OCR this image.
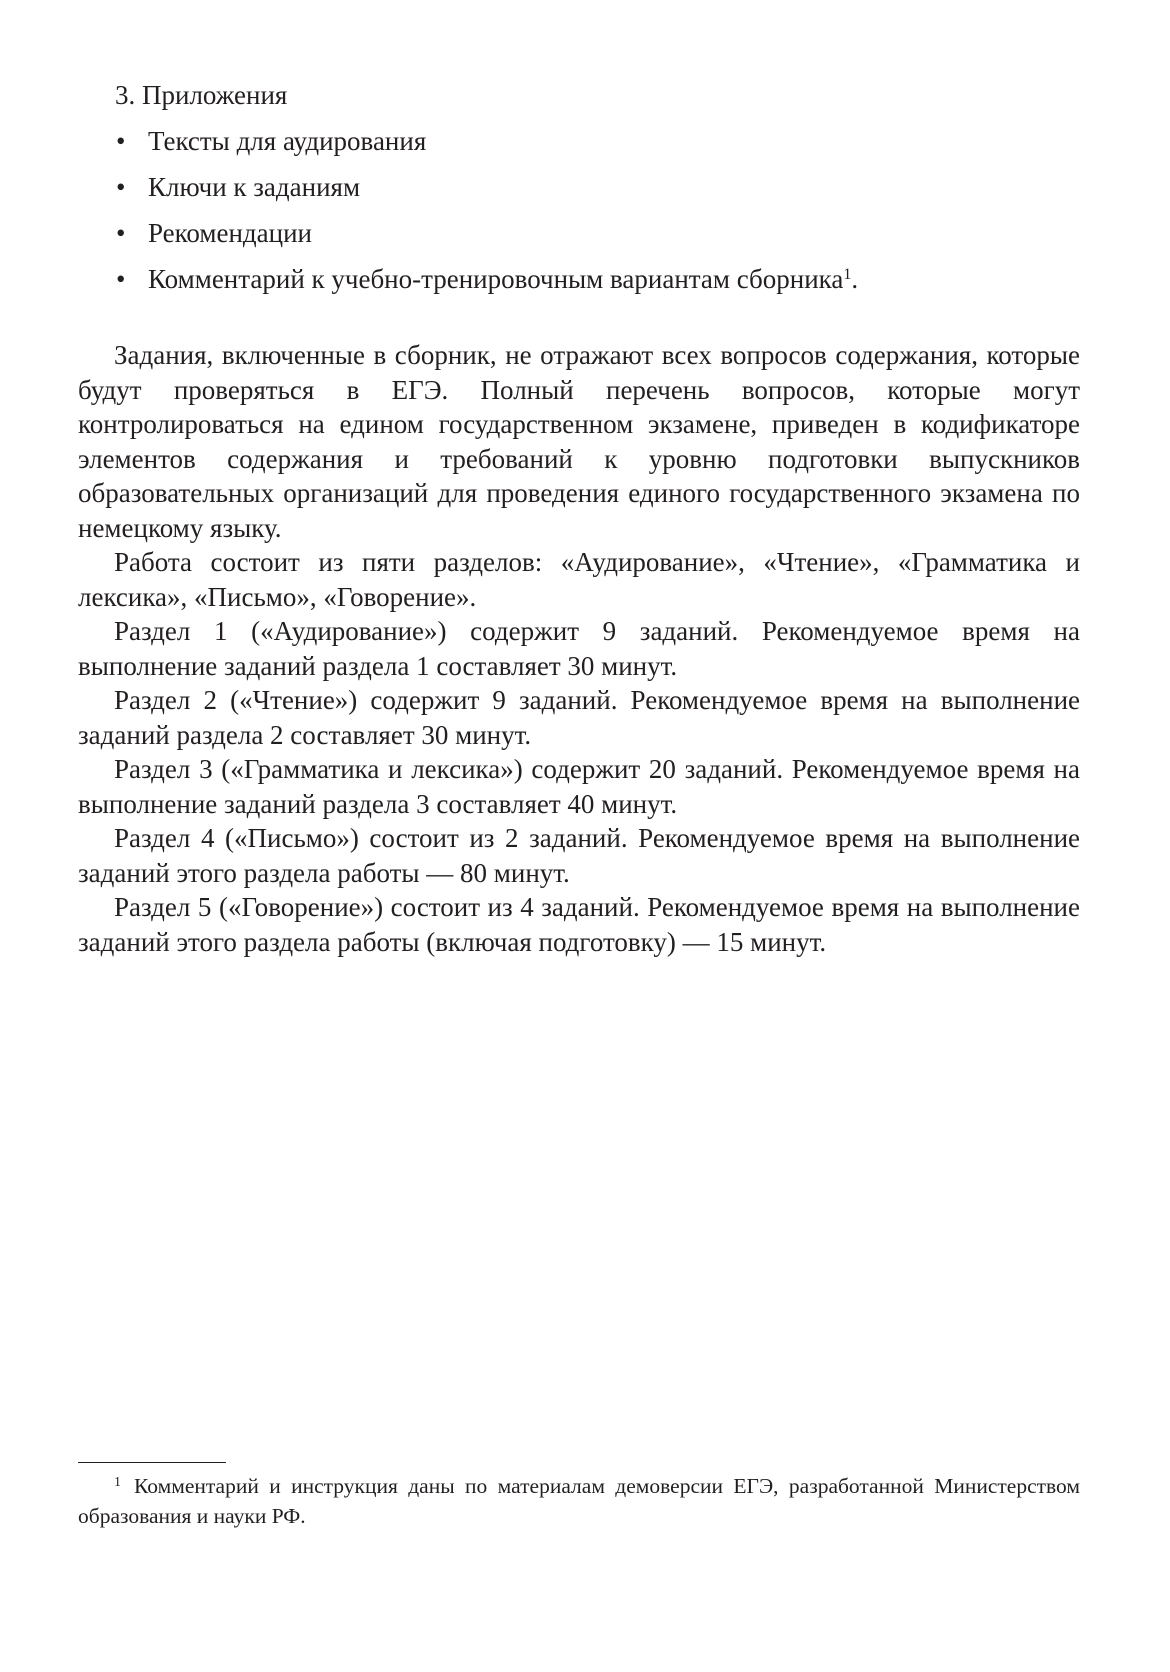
3. Приложения

• Тексты для аудирования
• Ключи к заданиям
• Рекомендации
• Комментарий к учебно-тренировочным вариантам сборника$^1$.

Задания, включенные в сборник, не отражают всех вопросов содержания, которые будут проверяться в ЕГЭ. Полный перечень вопросов, которые могут контролироваться на едином государственном экзамене, приведен в кодификаторе элементов содержания и требований к уровню подготовки выпускников образовательных организаций для проведения единого государственного экзамена по немецкому языку.

Работа состоит из пяти разделов: «Аудирование», «Чтение», «Грамматика и лексика», «Письмо», «Говорение».

Раздел 1 («Аудирование») содержит 9 заданий. Рекомендуемое время на выполнение заданий раздела 1 составляет 30 минут.

Раздел 2 («Чтение») содержит 9 заданий. Рекомендуемое время на выполнение заданий раздела 2 составляет 30 минут.

Раздел 3 («Грамматика и лексика») содержит 20 заданий. Рекомендуемое время на выполнение заданий раздела 3 составляет 40 минут.

Раздел 4 («Письмо») состоит из 2 заданий. Рекомендуемое время на выполнение заданий этого раздела работы — 80 минут.

Раздел 5 («Говорение») состоит из 4 заданий. Рекомендуемое время на выполнение заданий этого раздела работы (включая подготовку) — 15 минут.

1 Комментарий и инструкция даны по материалам демоверсии ЕГЭ, разработанной Министерством образования и науки РФ.
